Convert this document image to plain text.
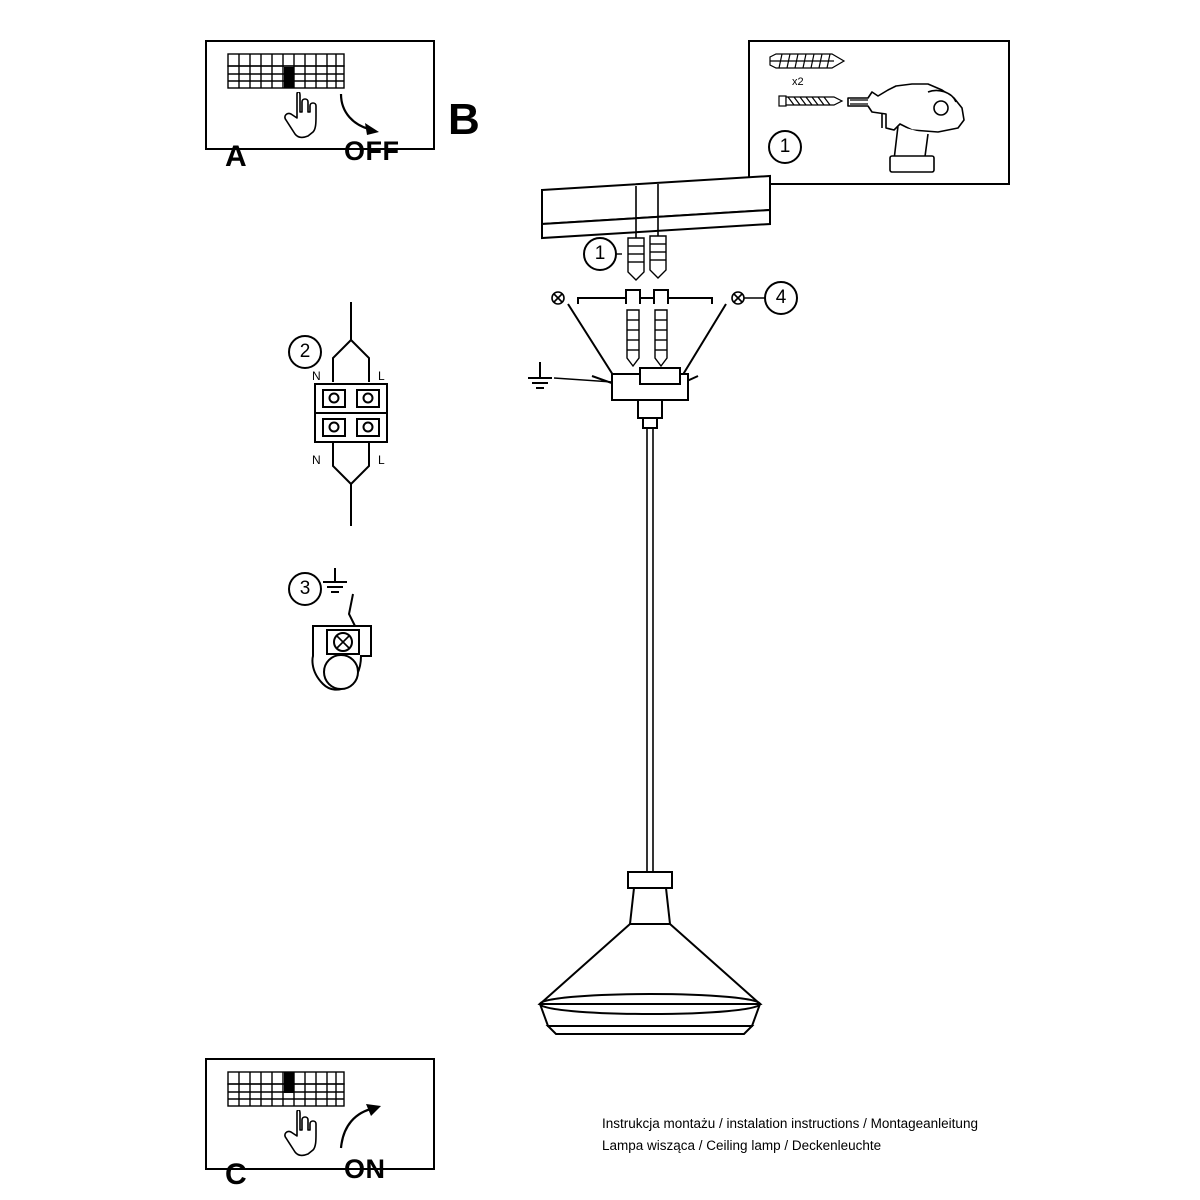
A	OFF
B
x2
1
2
N	L
N	L
3
1
4
C	ON
Instrukcja montażu / instalation instructions / Montageanleitung
Lampa wisząca / Ceiling lamp / Deckenleuchte
